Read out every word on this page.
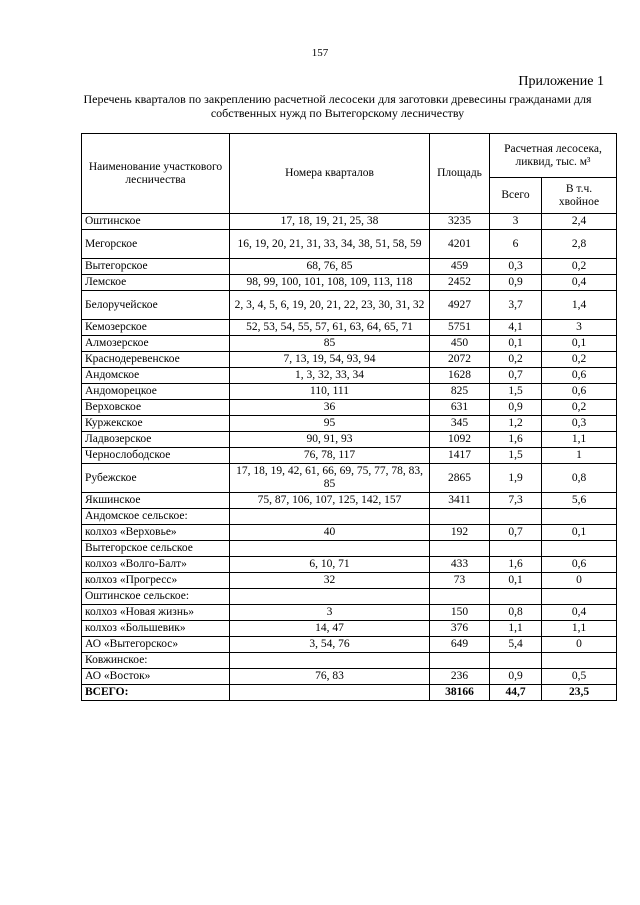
157
Приложение 1
Перечень кварталов по закреплению расчетной лесосеки для заготовки древесины гражданами для собственных нужд по Вытегорскому лесничеству
Наименование участкового лесничества	Номера кварталов	Площадь	Расчетная лесосека, ликвид, тыс. м³	
			Всего	В т.ч. хвойное
Оштинское	17, 18, 19, 21, 25, 38	3235	3	2,4
Мегорское	16, 19, 20, 21, 31, 33, 34, 38, 51, 58, 59	4201	6	2,8
Вытегорское	68, 76, 85	459	0,3	0,2
Лемское	98, 99, 100, 101, 108, 109, 113, 118	2452	0,9	0,4
Белоручейское	2, 3, 4, 5, 6, 19, 20, 21, 22, 23, 30, 31, 32	4927	3,7	1,4
Кемозерское	52, 53, 54, 55, 57, 61, 63, 64, 65, 71	5751	4,1	3
Алмозерское	85	450	0,1	0,1
Краснодеревенское	7, 13, 19, 54, 93, 94	2072	0,2	0,2
Андомское	1, 3, 32, 33, 34	1628	0,7	0,6
Андоморецкое	110, 111	825	1,5	0,6
Верховское	36	631	0,9	0,2
Куржекское	95	345	1,2	0,3
Ладвозерское	90, 91, 93	1092	1,6	1,1
Чернослободское	76, 78, 117	1417	1,5	1
Рубежское	17, 18, 19, 42, 61, 66, 69, 75, 77, 78, 83, 85	2865	1,9	0,8
Якшинское	75, 87, 106, 107, 125, 142, 157	3411	7,3	5,6
Андомское сельское:				
колхоз «Верховье»	40	192	0,7	0,1
Вытегорское сельское				
колхоз «Волго-Балт»	6, 10, 71	433	1,6	0,6
колхоз «Прогресс»	32	73	0,1	0
Оштинское сельское:				
колхоз «Новая жизнь»	3	150	0,8	0,4
колхоз «Большевик»	14, 47	376	1,1	1,1
АО «Вытегорскос»	3, 54, 76	649	5,4	0
Ковжинское:				
АО «Восток»	76, 83	236	0,9	0,5
ВСЕГО:		38166	44,7	23,5
